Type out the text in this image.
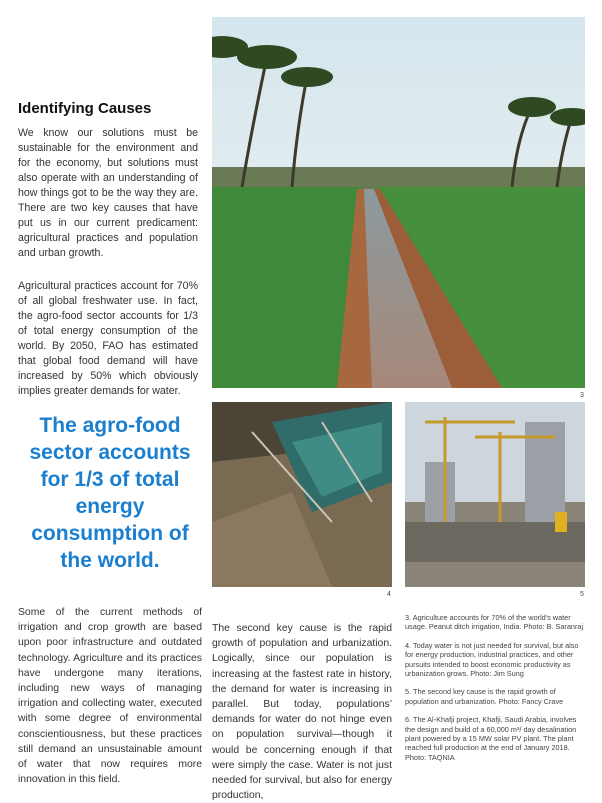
Identifying Causes

We know our solutions must be sustainable for the environment and for the economy, but solutions must also operate with an understanding of how things got to be the way they are. There are two key causes that have put us in our current predicament: agricultural practices and population and urban growth.

Agricultural practices account for 70% of all global freshwater use. In fact, the agro-food sector accounts for 1/3 of total energy consumption of the world. By 2050, FAO has estimated that global food demand will have increased by 50% which obviously implies greater demands for water.

The agro-food sector accounts for 1/3 of total energy consumption of the world.

3
4	5

Some of the current methods of irrigation and crop growth are based upon poor infrastructure and outdated technology. Agriculture and its practices have undergone many iterations, including new ways of managing irrigation and collecting water, executed with some degree of environmental conscientiousness, but these practices still demand an unsustainable amount of water that now requires more innovation in this field.

The second key cause is the rapid growth of population and urbanization. Logically, since our population is increasing at the fastest rate in history, the demand for water is increasing in parallel. But today, populations’ demands for water do not hinge even on population survival—though it would be concerning enough if that were simply the case. Water is not just needed for survival, but also for energy production,

3. Agriculture accounts for 70% of the world's water usage. Peanut ditch irrigation, India. Photo: B. Saranraj

4. Today water is not just needed for survival, but also for energy production, industrial practices, and other pursuits intended to boost economic productivity as urbanization grows. Photo: Jim Sung

5. The second key cause is the rapid growth of population and urbanization. Photo: Fancy Crave

6. The Al-Khafji project, Khafji, Saudi Arabia, involves the design and build of a 60,000 m³/ day desalination plant powered by a 15 MW solar PV plant. The plant reached full production at the end of January 2018. Photo: TAQNIA
